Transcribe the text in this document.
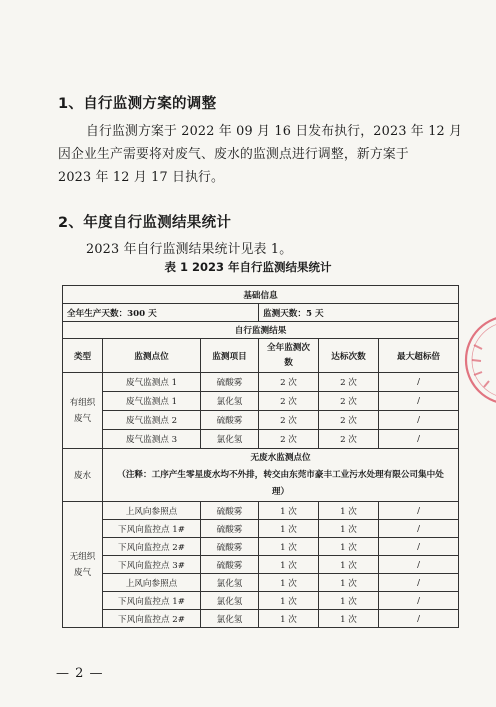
1、自行监测方案的调整
自行监测方案于 2022 年 09 月 16 日发布执行，2023 年 12 月
因企业生产需要将对废气、废水的监测点进行调整，新方案于
2023 年 12 月 17 日执行。
2、年度自行监测结果统计
2023 年自行监测结果统计见表 1。
表 1 2023 年自行监测结果统计
基础信息					
全年生产天数：300 天			监测天数：5 天		
自行监测结果					
类型	监测点位	监测项目	全年监测次数	达标次数	最大超标倍
有组织废气	废气监测点 1	硫酸雾	2 次	2 次	/
	废气监测点 1	氯化氢	2 次	2 次	/
	废气监测点 2	硫酸雾	2 次	2 次	/
	废气监测点 3	氯化氢	2 次	2 次	/
废水	无废水监测点位
（注释：工序产生零星废水均不外排，转交由东莞市豪丰工业污水处理有限公司集中处理）				

无组织废气	上风向参照点	硫酸雾	1 次	1 次	/
	下风向监控点 1#	硫酸雾	1 次	1 次	/
	下风向监控点 2#	硫酸雾	1 次	1 次	/
	下风向监控点 3#	硫酸雾	1 次	1 次	/
	上风向参照点	氯化氢	1 次	1 次	/
	下风向监控点 1#	氯化氢	1 次	1 次	/
	下风向监控点 2#	氯化氢	1 次	1 次	/
— 2 —
